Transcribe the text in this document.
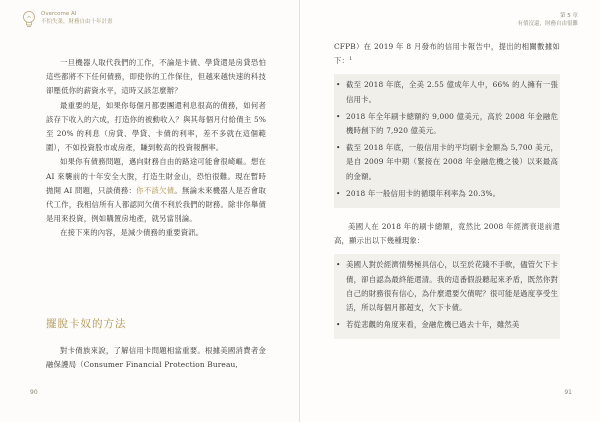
Overcome AI
不怕失業，財務自由十年計畫

一旦機器人取代我們的工作，不論是卡債、學貸還是房貸恐怕這些都將不下任何債務，即使你的工作保住，但越來越快速的科技卻壓低你的薪資水平，這時又該怎麼辦？

最重要的是，如果你每個月都要團還利息很高的債務，如何者該存下收入的六成，打造你的被動收入？與其每個月付給債主 5% 至 20% 的利息（房貸、學貸、卡債的利率，差不多就在這個範圍），不如投資股市或房產，賺到較高的投資報酬率。

如果你有債務問題，邁向財務自由的路途可能會很崎嶇。想在 AI 來襲前的十年安全大脫，打造生財金山，恐怕很難。現在暫時拋開 AI 問題，只談債務：你不該欠債。無論未來機器人是否會取代工作，我相信所有人都認同欠債不利於我們的財務。除非你舉債是用來投資，例如購置房地產，就另當別論。

在接下來的內容，是減少債務的重要資訊。

擺脫卡奴的方法

對卡債族來說，了解信用卡問題相當重要。根據美國消費者金融保護局（Consumer Financial Protection Bureau,

90
第 5 章
有債沒還，財務自由很難

CFPB）在 2019 年 8 月發布的信用卡報告中，提出的相關數據如下：$^1$

• 截至 2018 年底，全美 2.55 億成年人中，66% 的人擁有一張信用卡。
• 2018 年全年刷卡總額約 9,000 億美元，高於 2008 年金融危機時創下的 7,920 億美元。
• 截至 2018 年底，一般信用卡的平均刷卡金額為 5,700 美元，是自 2009 年中期（緊接在 2008 年金融危機之後）以來最高的金額。
• 2018 年一般信用卡的循環年利率為 20.3%。

美國人在 2018 年的刷卡總額，竟然比 2008 年經濟衰退前還高，顯示出以下幾種現象：

• 美國人對於經濟情勢極具信心，以至於花錢不手軟，儘管欠下卡債，卻自認為最終能還清。我的這番假設聽起來矛盾，既然你對自己的財務很有信心，為什麼還要欠債呢？很可能是過度享受生活，所以每個月都超支，欠下卡債。
• 若從悲觀的角度來看，金融危機已過去十年，雖然美
91
